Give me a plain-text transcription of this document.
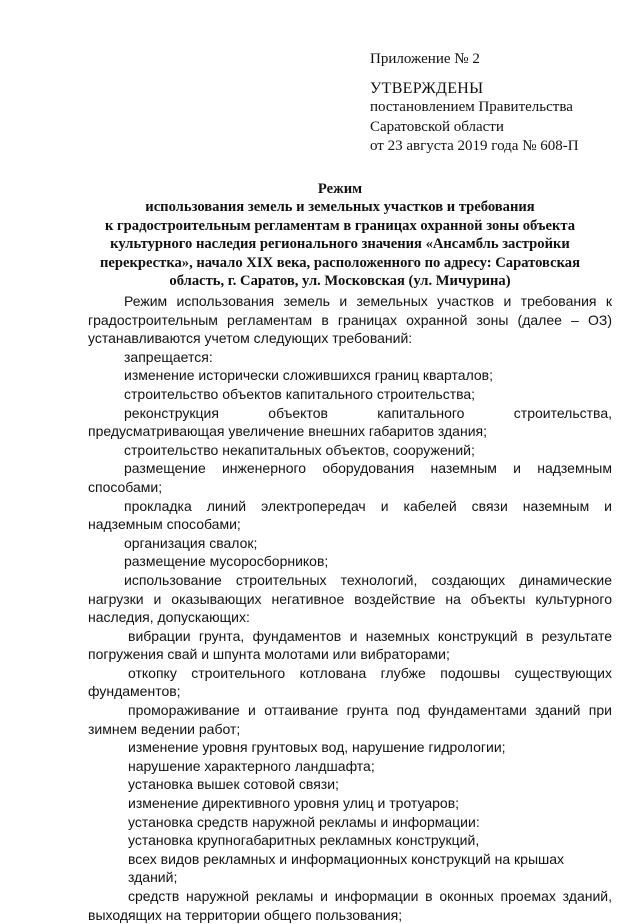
Приложение № 2
УТВЕРЖДЕНЫ
постановлением Правительства
Саратовской области
от 23 августа 2019 года № 608-П
Режим
использования земель и земельных участков и требования
к градостроительным регламентам в границах охранной зоны объекта
культурного наследия регионального значения «Ансамбль застройки
перекрестка», начало XIX века, расположенного по адресу: Саратовская
область, г. Саратов, ул. Московская (ул. Мичурина)

Режим использования земель и земельных участков и требования к градостроительным регламентам в границах охранной зоны (далее – ОЗ) устанавливаются учетом следующих требований:

запрещается:

изменение исторически сложившихся границ кварталов;

строительство объектов капитального строительства;

реконструкция объектов капитального строительства, предусматривающая увеличение внешних габаритов здания;

строительство некапитальных объектов, сооружений;

размещение инженерного оборудования наземным и надземным способами;

прокладка линий электропередач и кабелей связи наземным и надземным способами;

организация свалок;

размещение мусоросборников;

использование строительных технологий, создающих динамические нагрузки и оказывающих негативное воздействие на объекты культурного наследия, допускающих:

вибрации грунта, фундаментов и наземных конструкций в результате погружения свай и шпунта молотами или вибраторами;

откопку строительного котлована глубже подошвы существующих фундаментов;

промораживание и оттаивание грунта под фундаментами зданий при зимнем ведении работ;

изменение уровня грунтовых вод, нарушение гидрологии;

нарушение характерного ландшафта;

установка вышек сотовой связи;

изменение директивного уровня улиц и тротуаров;

установка средств наружной рекламы и информации:

установка крупногабаритных рекламных конструкций,

всех видов рекламных и информационных конструкций на крышах зданий;

средств наружной рекламы и информации в оконных проемах зданий, выходящих на территории общего пользования;
